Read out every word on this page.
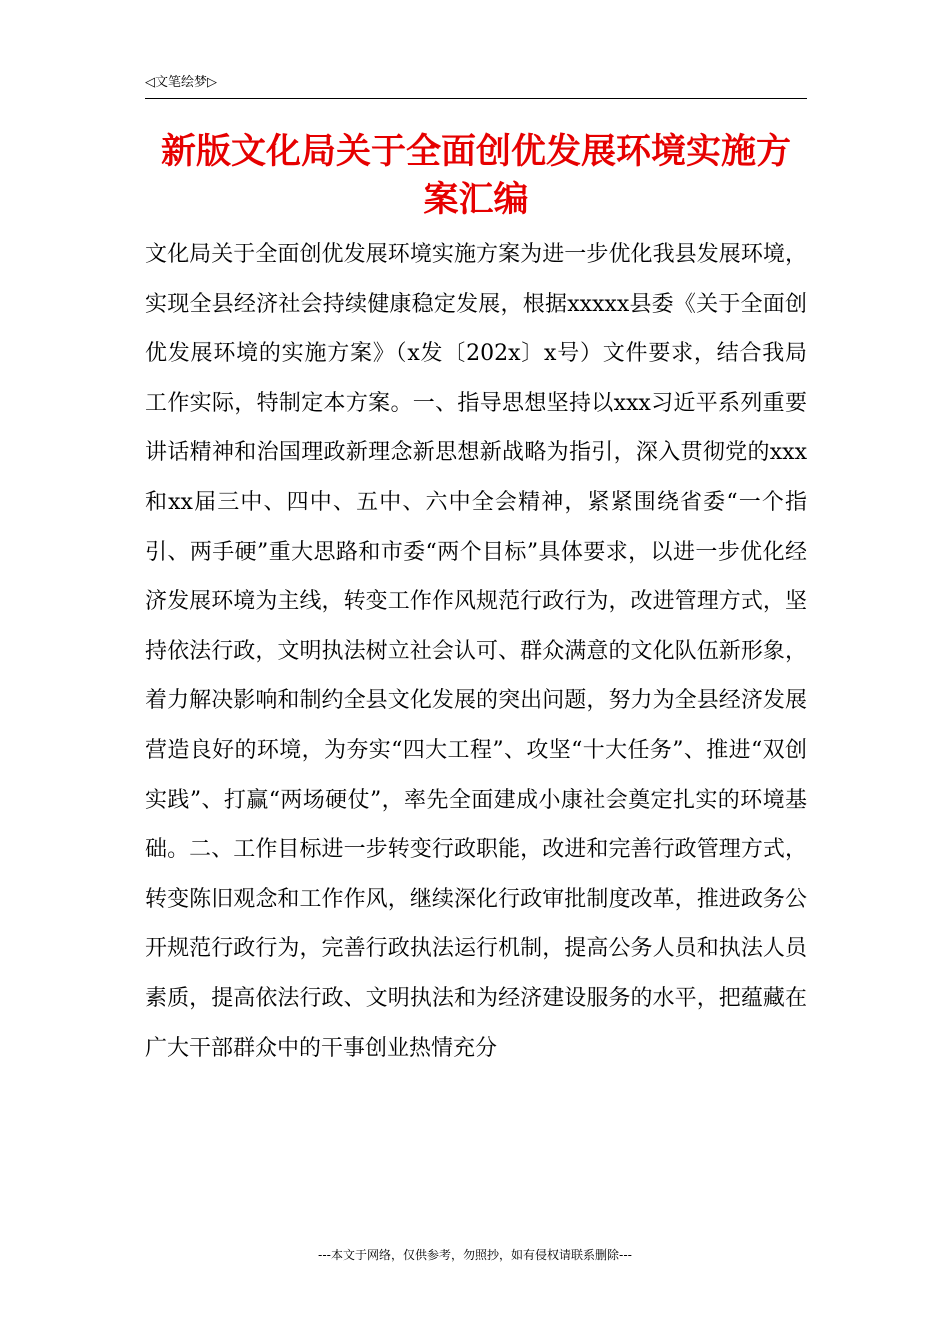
◁文笔绘梦▷
新版文化局关于全面创优发展环境实施方案汇编

文化局关于全面创优发展环境实施方案为进一步优化我县发展环境，实现全县经济社会持续健康稳定发展，根据xxxxx县委《关于全面创优发展环境的实施方案》（x发〔202x〕x号）文件要求，结合我局工作实际，特制定本方案。一、指导思想坚持以xxx习近平系列重要讲话精神和治国理政新理念新思想新战略为指引，深入贯彻党的xxx和xx届三中、四中、五中、六中全会精神，紧紧围绕省委“一个指引、两手硬”重大思路和市委“两个目标”具体要求，以进一步优化经济发展环境为主线，转变工作作风规范行政行为，改进管理方式，坚持依法行政，文明执法树立社会认可、群众满意的文化队伍新形象，着力解决影响和制约全县文化发展的突出问题，努力为全县经济发展营造良好的环境，为夯实“四大工程”、攻坚“十大任务”、推进“双创实践”、打赢“两场硬仗”，率先全面建成小康社会奠定扎实的环境基础。二、工作目标进一步转变行政职能，改进和完善行政管理方式，转变陈旧观念和工作作风，继续深化行政审批制度改革，推进政务公开规范行政行为，完善行政执法运行机制，提高公务人员和执法人员素质，提高依法行政、文明执法和为经济建设服务的水平，把蕴藏在广大干部群众中的干事创业热情充分

---本文于网络，仅供参考，勿照抄，如有侵权请联系删除---
